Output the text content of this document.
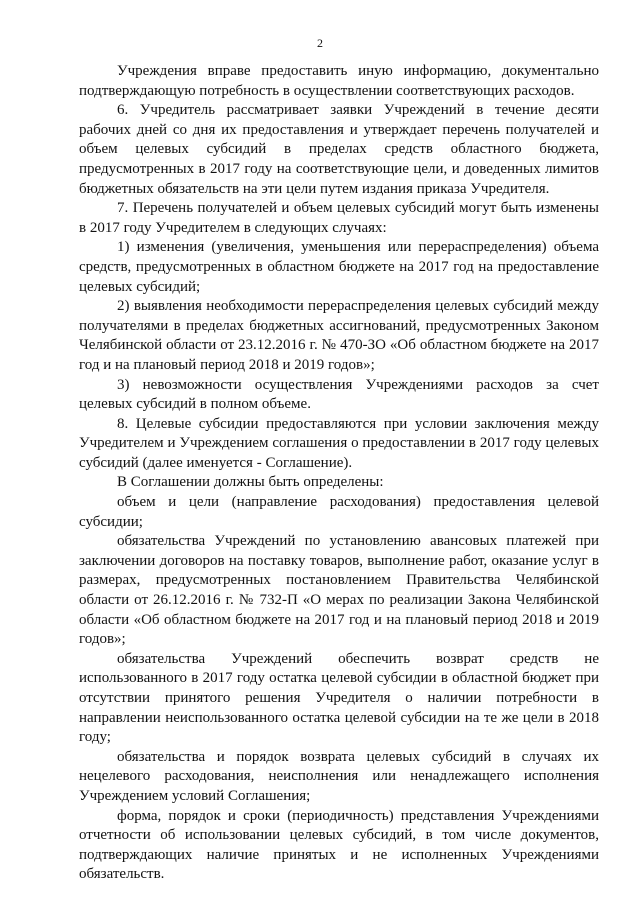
2

Учреждения вправе предоставить иную информацию, документально подтверждающую потребность в осуществлении соответствующих расходов.

6. Учредитель рассматривает заявки Учреждений в течение десяти рабочих дней со дня их предоставления и утверждает перечень получателей и объем целевых субсидий в пределах средств областного бюджета, предусмотренных в 2017 году на соответствующие цели, и доведенных лимитов бюджетных обязательств на эти цели путем издания приказа Учредителя.

7. Перечень получателей и объем целевых субсидий могут быть изменены в 2017 году Учредителем в следующих случаях:

1) изменения (увеличения, уменьшения или перераспределения) объема средств, предусмотренных в областном бюджете на 2017 год на предоставление целевых субсидий;

2) выявления необходимости перераспределения целевых субсидий между получателями в пределах бюджетных ассигнований, предусмотренных Законом Челябинской области от 23.12.2016 г. № 470-ЗО «Об областном бюджете на 2017 год и на плановый период 2018 и 2019 годов»;

3) невозможности осуществления Учреждениями расходов за счет целевых субсидий в полном объеме.

8. Целевые субсидии предоставляются при условии заключения между Учредителем и Учреждением соглашения о предоставлении в 2017 году целевых субсидий (далее именуется - Соглашение).

В Соглашении должны быть определены:

объем и цели (направление расходования) предоставления целевой субсидии;

обязательства Учреждений по установлению авансовых платежей при заключении договоров на поставку товаров, выполнение работ, оказание услуг в размерах, предусмотренных постановлением Правительства Челябинской области от 26.12.2016 г. № 732-П «О мерах по реализации Закона Челябинской области «Об областном бюджете на 2017 год и на плановый период 2018 и 2019 годов»;

обязательства Учреждений обеспечить возврат средств не использованного в 2017 году остатка целевой субсидии в областной бюджет при отсутствии принятого решения Учредителя о наличии потребности в направлении неиспользованного остатка целевой субсидии на те же цели в 2018 году;

обязательства и порядок возврата целевых субсидий в случаях их нецелевого расходования, неисполнения или ненадлежащего исполнения Учреждением условий Соглашения;

форма, порядок и сроки (периодичность) представления Учреждениями отчетности об использовании целевых субсидий, в том числе документов, подтверждающих наличие принятых и не исполненных Учреждениями обязательств.
